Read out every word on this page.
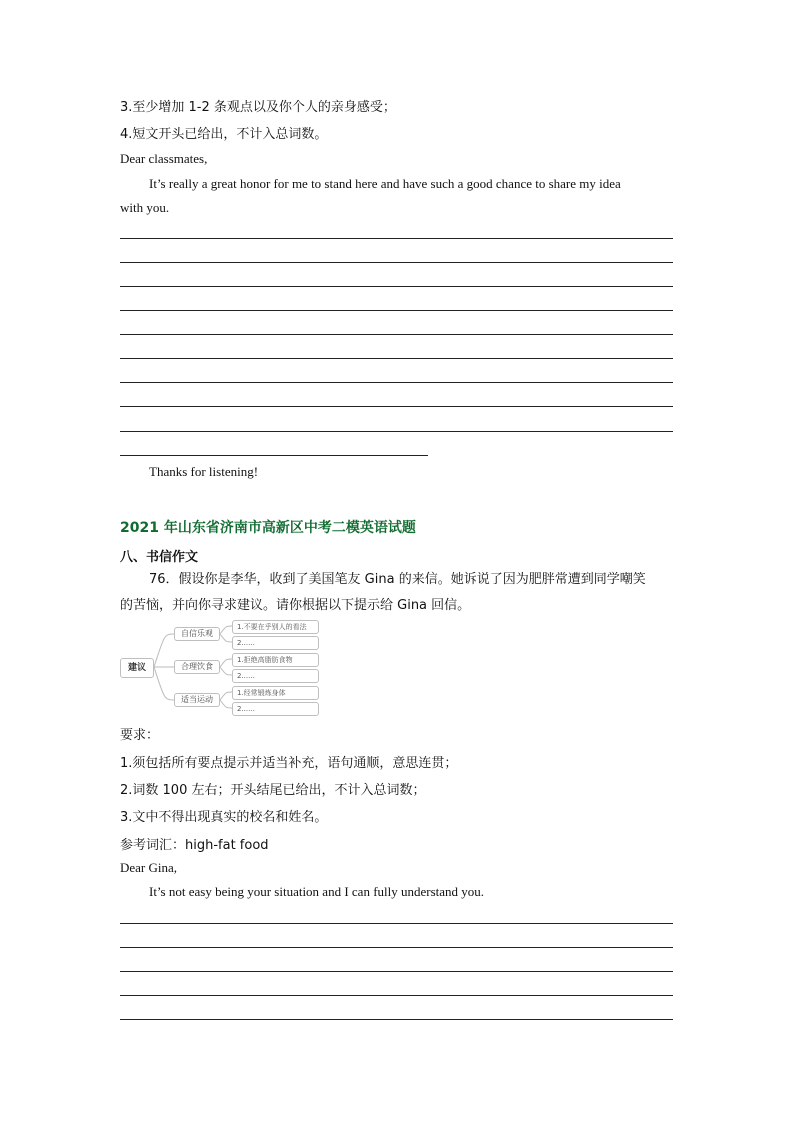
3.至少增加 1-2 条观点以及你个人的亲身感受；
4.短文开头已给出，不计入总词数。
Dear classmates,
It’s really a great honor for me to stand here and have such a good chance to share my idea
with you.
Thanks for listening!
2021 年山东省济南市高新区中考二模英语试题
八、书信作文
76．假设你是李华，收到了美国笔友 Gina 的来信。她诉说了因为肥胖常遭到同学嘲笑
的苦恼，并向你寻求建议。请你根据以下提示给 Gina 回信。
建议
自信乐观
1.不要在乎别人的看法
2......
合理饮食
1.拒绝高脂肪食物
2......
适当运动
1.经常锻炼身体
2......
要求：
1.须包括所有要点提示并适当补充，语句通顺，意思连贯；
2.词数 100 左右；开头结尾已给出，不计入总词数；
3.文中不得出现真实的校名和姓名。
参考词汇：high-fat food
Dear Gina,
It’s not easy being your situation and I can fully understand you.
